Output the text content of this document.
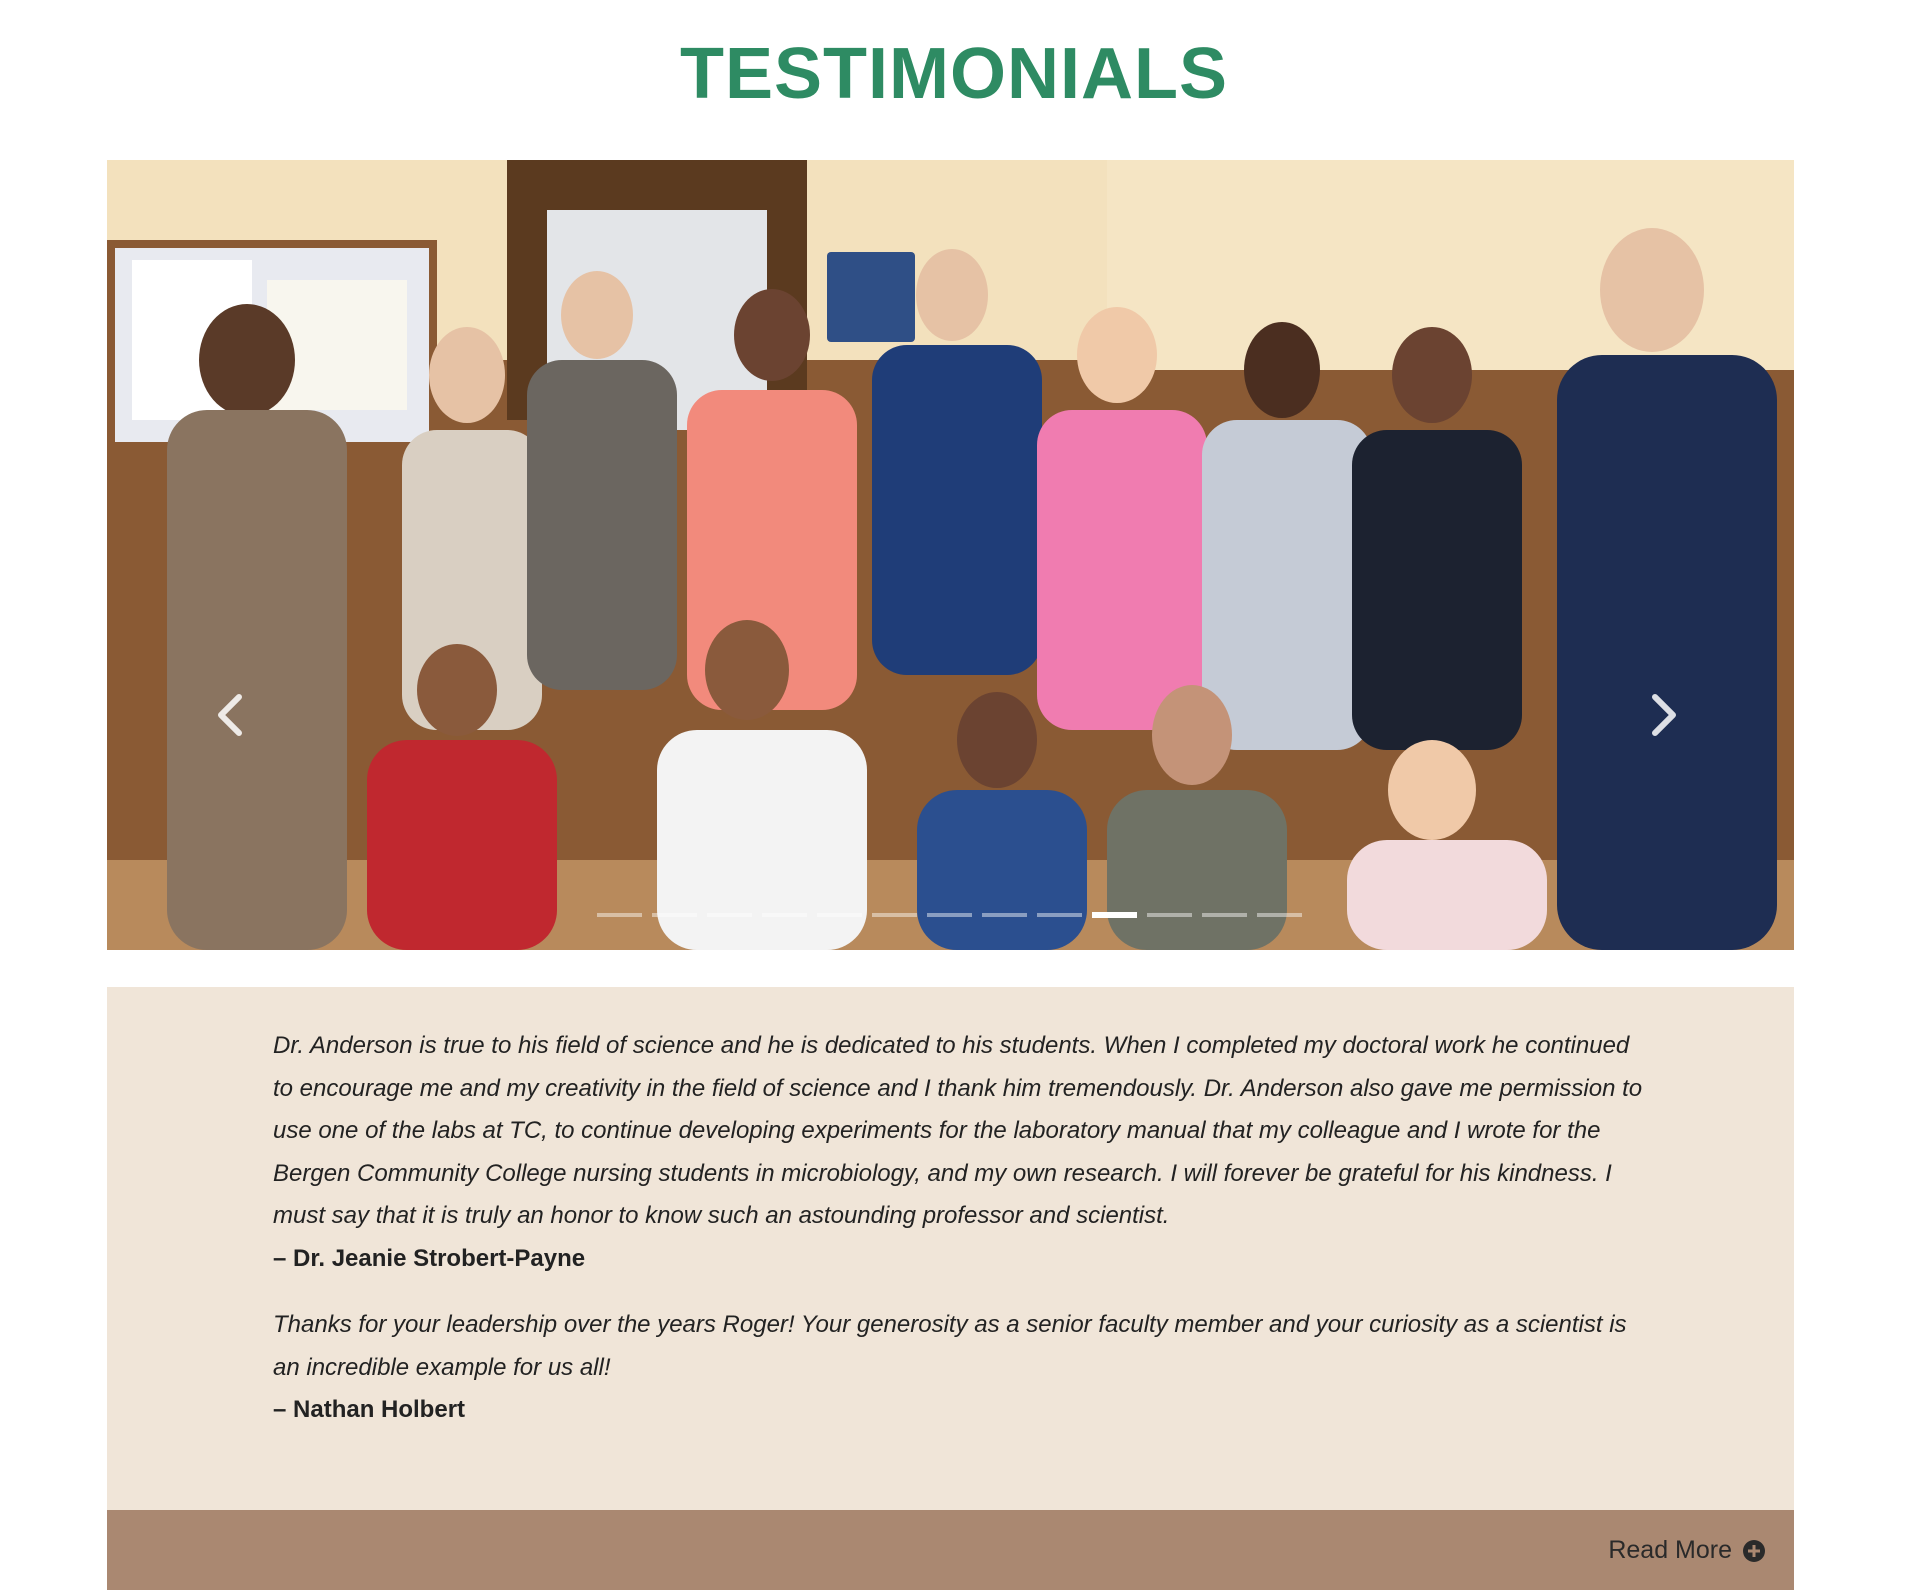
TESTIMONIALS

Dr. Anderson is true to his field of science and he is dedicated to his students. When I completed my doctoral work he continued to encourage me and my creativity in the field of science and I thank him tremendously. Dr. Anderson also gave me permission to use one of the labs at TC, to continue developing experiments for the laboratory manual that my colleague and I wrote for the Bergen Community College nursing students in microbiology, and my own research. I will forever be grateful for his kindness. I must say that it is truly an honor to know such an astounding professor and scientist.

– Dr. Jeanie Strobert-Payne

Thanks for your leadership over the years Roger! Your generosity as a senior faculty member and your curiosity as a scientist is an incredible example for us all!

– Nathan Holbert

Read More
